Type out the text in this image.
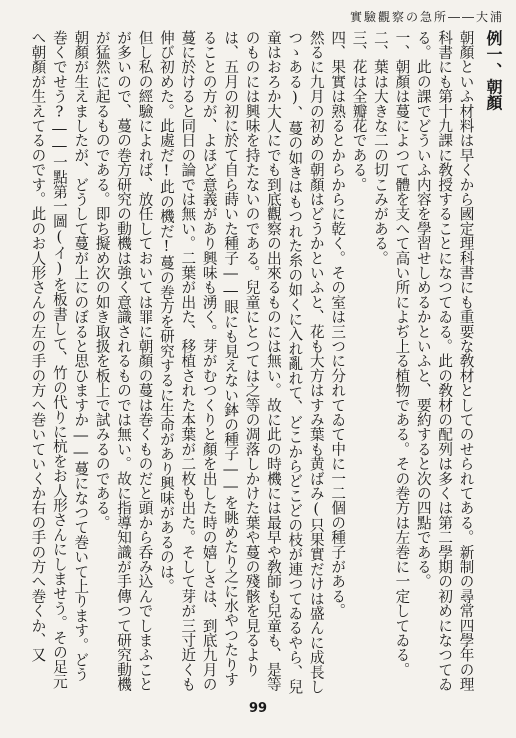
實驗觀察の急所――大浦
例一、朝顏

朝顏といふ材料は早くから國定理科書にも重要な敎材としてのせられてある。新制の尋常四學年の理科書にも第十九課に敎授することになつてゐる。此の敎材の配列は多くは第二學期の初めになつてゐる。此の課でどういふ内容を學習せしめるかといふと、要約すると次の四點である。

一、朝顏は蔓によつて體を支へて高い所によぢ上る植物である。その巻方は左巻に一定してゐる。

二、葉は大きな二の切こみがある。

三、花は全瓣花である。

四、果實は熟るとからからに乾く。その室は三つに分れてゐて中に一二個の種子がある。

然るに九月の初めの朝顏はどうかといふと、花も大方はすみ葉も黄ばみ(只果實だけは盛んに成長しつゝある)、蔓の如きはもつれた糸の如くに入れ亂れて、どこからどこどの枝が連つてゐるやら、兒童はおろか大人にでも到底觀察の出來るものには無い。故に此の時機には最早や敎師も兒童も、是等のものには興味を持たないのである。兒童にとつては之等の凋落しかけた葉や蔓の殘骸を見るよりは、五月の初に於て自ら蒔いた種子――眼にも見えない鉢の種子――を眺めたり之に水やつたりすることの方が、よほど意義があり興味も湧く。芽がむつくりと顏を出した時の嬉しさは、到底九月の蔓に於けると同日の論では無い。二葉が出た、移植された本葉が二枚も出た。そして芽が三寸近くも伸び初めた。此處だ!此の機だ!蔓の巻方を研究するに生命があり興味があるのは。

但し私の經驗によれば、放任しておいては罪に朝顏の蔓は巻くものだと頭から呑み込んでしまふことが多いので、蔓の巻方研究の動機は強く意識されるものでは無い。故に指導知識が手傳つて研究動機が猛然に起るものである。即ち擬め次の如き取扱を板上で試みるのである。

朝顏が生えましたが、どうして蔓が上にのぼると思ひますか――蔓になつて巻いて上ります。どう巻くでせう?――一點第一圖(イ)を板書して、竹の代りに杭をお人形さんにしませう。その足元へ朝顏が生えてるのです。此のお人形さんの左の手の方へ巻いていくか右の手の方へ巻くか、又

99
